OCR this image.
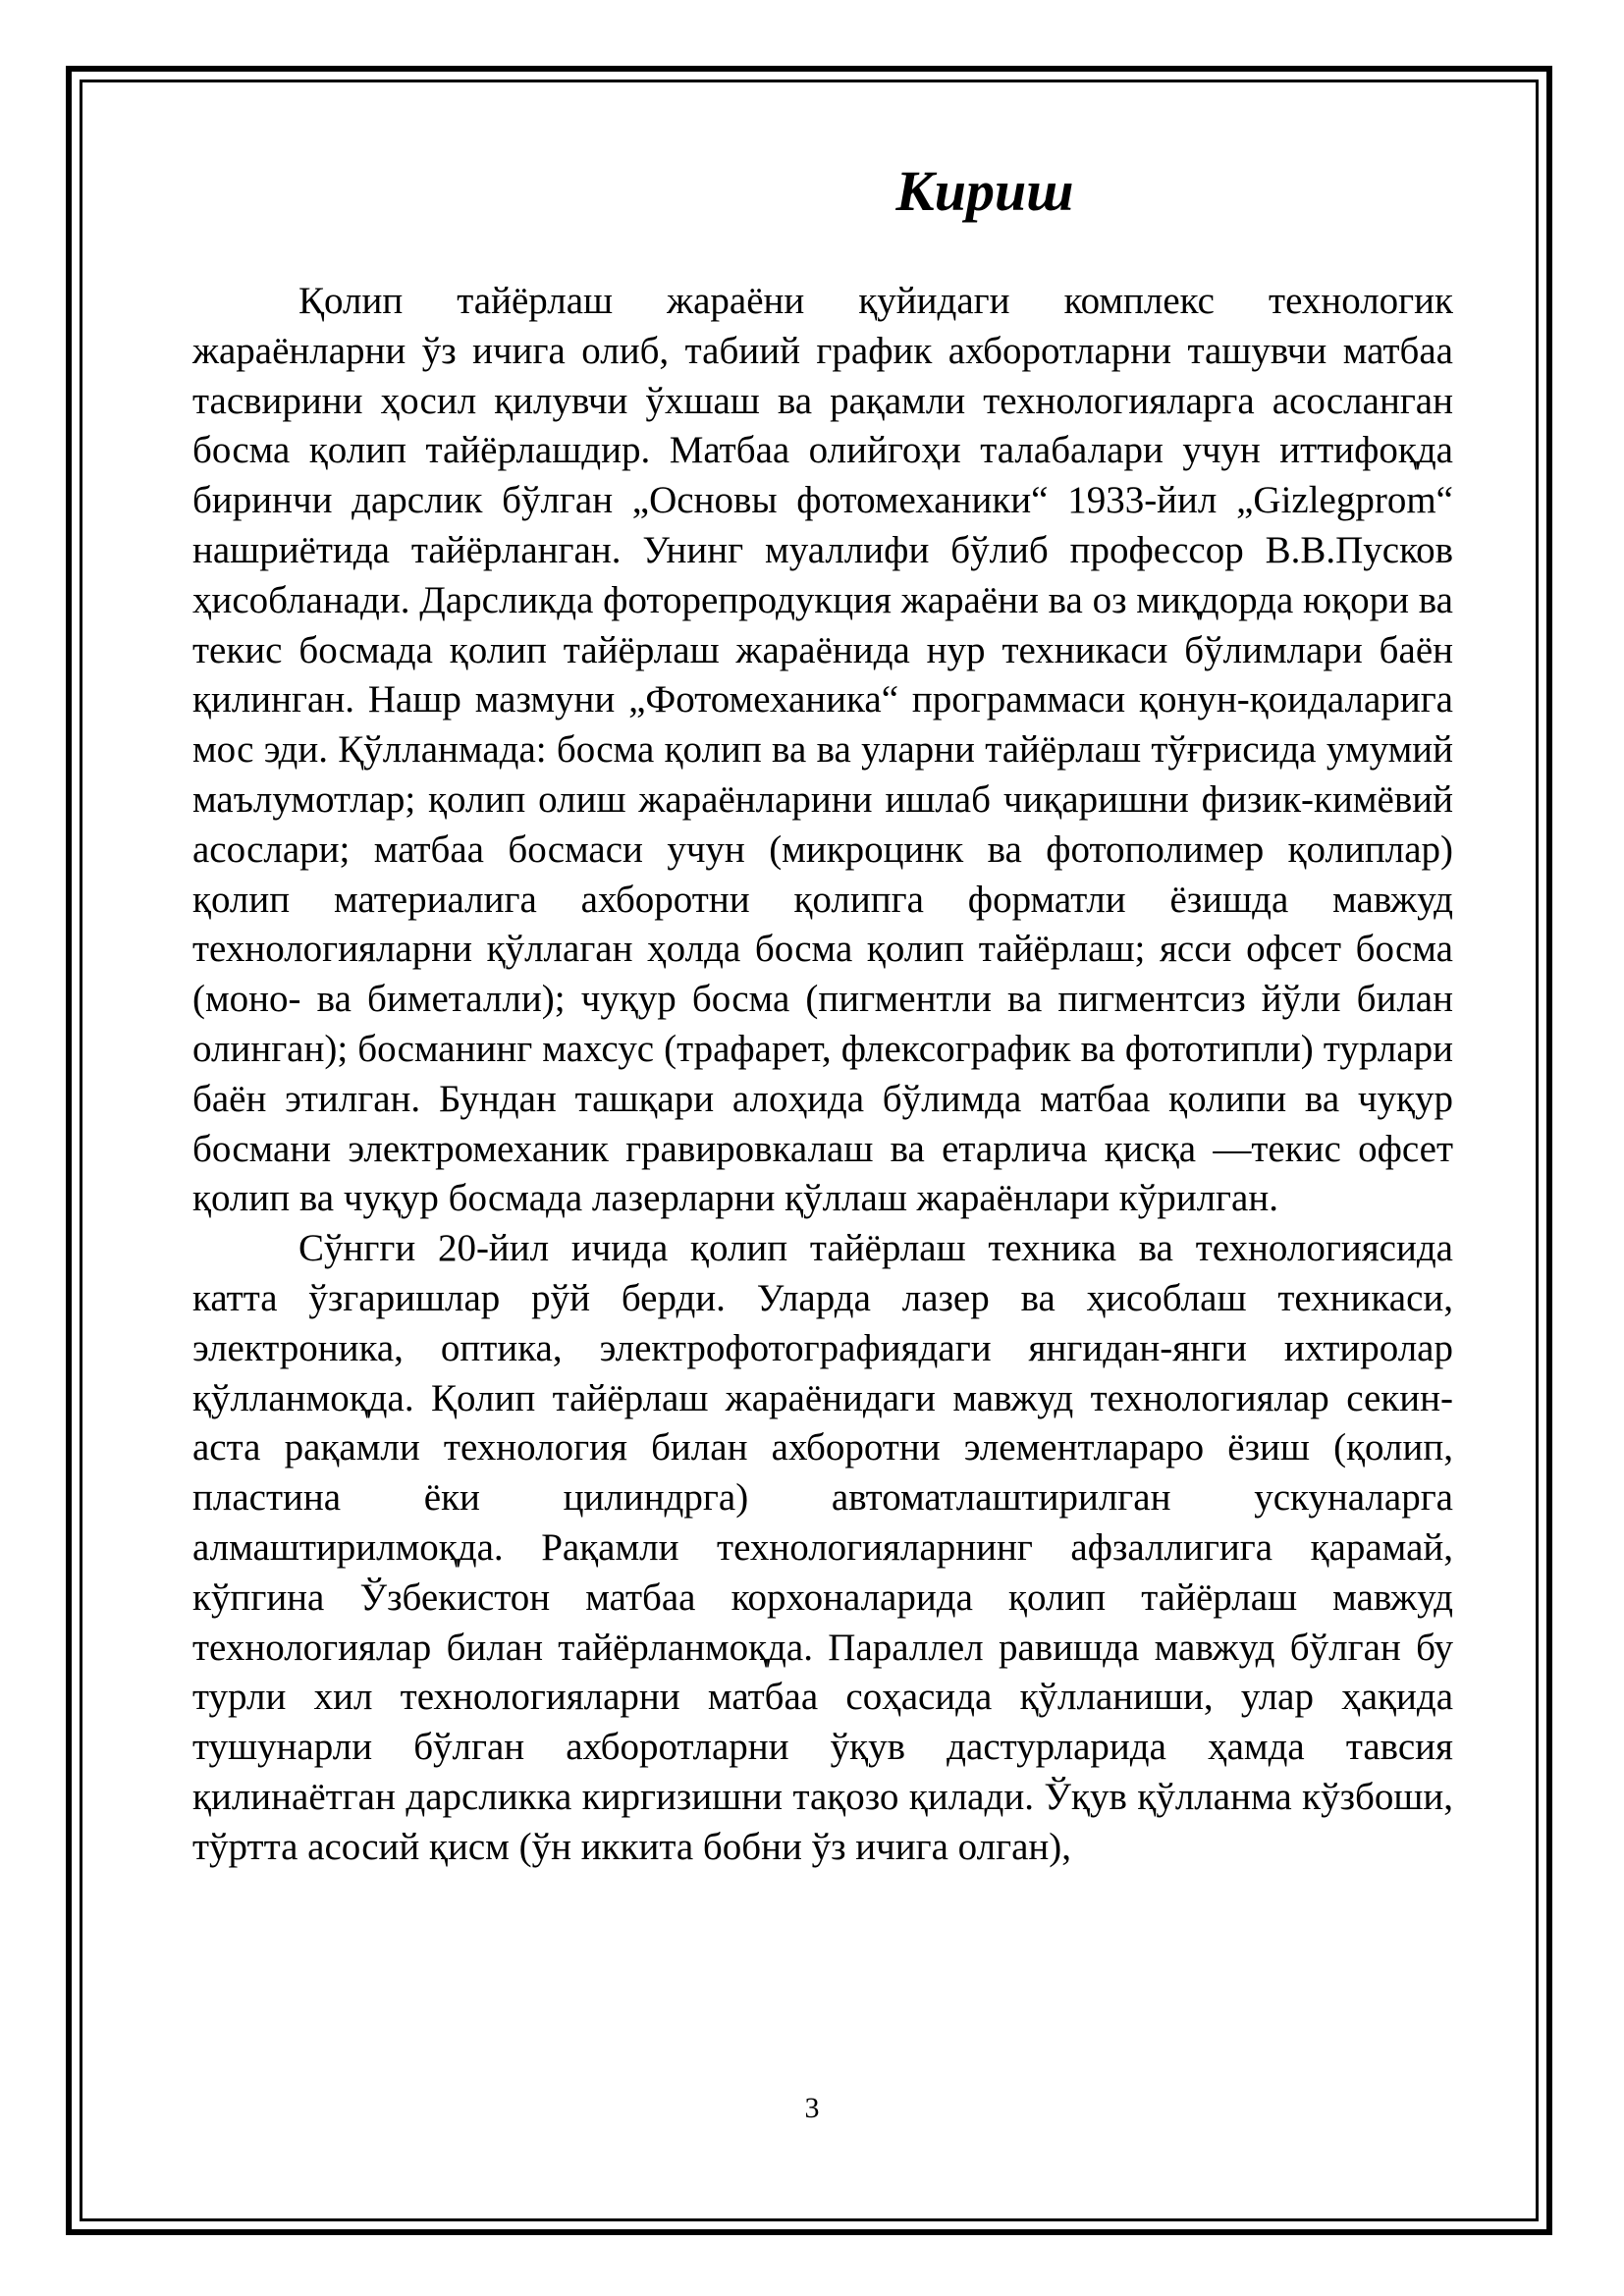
Кириш

Қолип тайёрлаш жараёни қуйидаги комплекс технологик жараёнларни ўз ичига олиб, табиий график ахборотларни ташувчи матбаа тасвирини ҳосил қилувчи ўхшаш ва рақамли технологияларга асосланган босма қолип тайёрлашдир. Матбаа олийгоҳи талабалари учун иттифоқда биринчи дарслик бўлган „Основы фотомеханики“ 1933-йил „Gizlegprom“ нашриётида тайёрланган. Унинг муаллифи бўлиб профессор В.В.Пусков ҳисобланади. Дарсликда фоторепродукция жараёни ва оз миқдорда юқори ва текис босмада қолип тайёрлаш жараёнида нур техникаси бўлимлари баён қилинган. Нашр мазмуни „Фотомеханика“ программаси қонун-қоидаларига мос эди. Қўлланмада: босма қолип ва ва уларни тайёрлаш тўғрисида умумий маълумотлар; қолип олиш жараёнларини ишлаб чиқаришни физик-кимёвий асослари; матбаа босмаси учун (микроцинк ва фотополимер қолиплар) қолип материалига ахборотни қолипга форматли ёзишда мавжуд технологияларни қўллаган ҳолда босма қолип тайёрлаш; ясси офсет босма (моно- ва биметалли); чуқур босма (пигментли ва пигментсиз йўли билан олинган); босманинг махсус (трафарет, флексографик ва фототипли) турлари баён этилган. Бундан ташқари алоҳида бўлимда матбаа қолипи ва чуқур босмани электромеханик гравировкалаш ва етарлича қисқа —текис офсет қолип ва чуқур босмада лазерларни қўллаш жараёнлари кўрилган.

Сўнгги 20-йил ичида қолип тайёрлаш техника ва технологиясида катта ўзгаришлар рўй берди. Уларда лазер ва ҳисоблаш техникаси, электроника, оптика, электрофотографиядаги янгидан-янги ихтиролар қўлланмоқда. Қолип тайёрлаш жараёнидаги мавжуд технологиялар секин-аста рақамли технология билан ахборотни элементлараро ёзиш (қолип, пластина ёки цилиндрга) автоматлаштирилган ускуналарга алмаштирилмоқда. Рақамли технологияларнинг афзаллигига қарамай, кўпгина Ўзбекистон матбаа корхоналарида қолип тайёрлаш мавжуд технологиялар билан тайёрланмоқда. Параллел равишда мавжуд бўлган бу турли хил технологияларни матбаа соҳасида қўлланиши, улар ҳақида тушунарли бўлган ахборотларни ўқув дастурларида ҳамда тавсия қилинаётган дарсликка киргизишни тақозо қилади. Ўқув қўлланма кўзбоши, тўртта асосий қисм (ўн иккита бобни ўз ичига олган),

3
